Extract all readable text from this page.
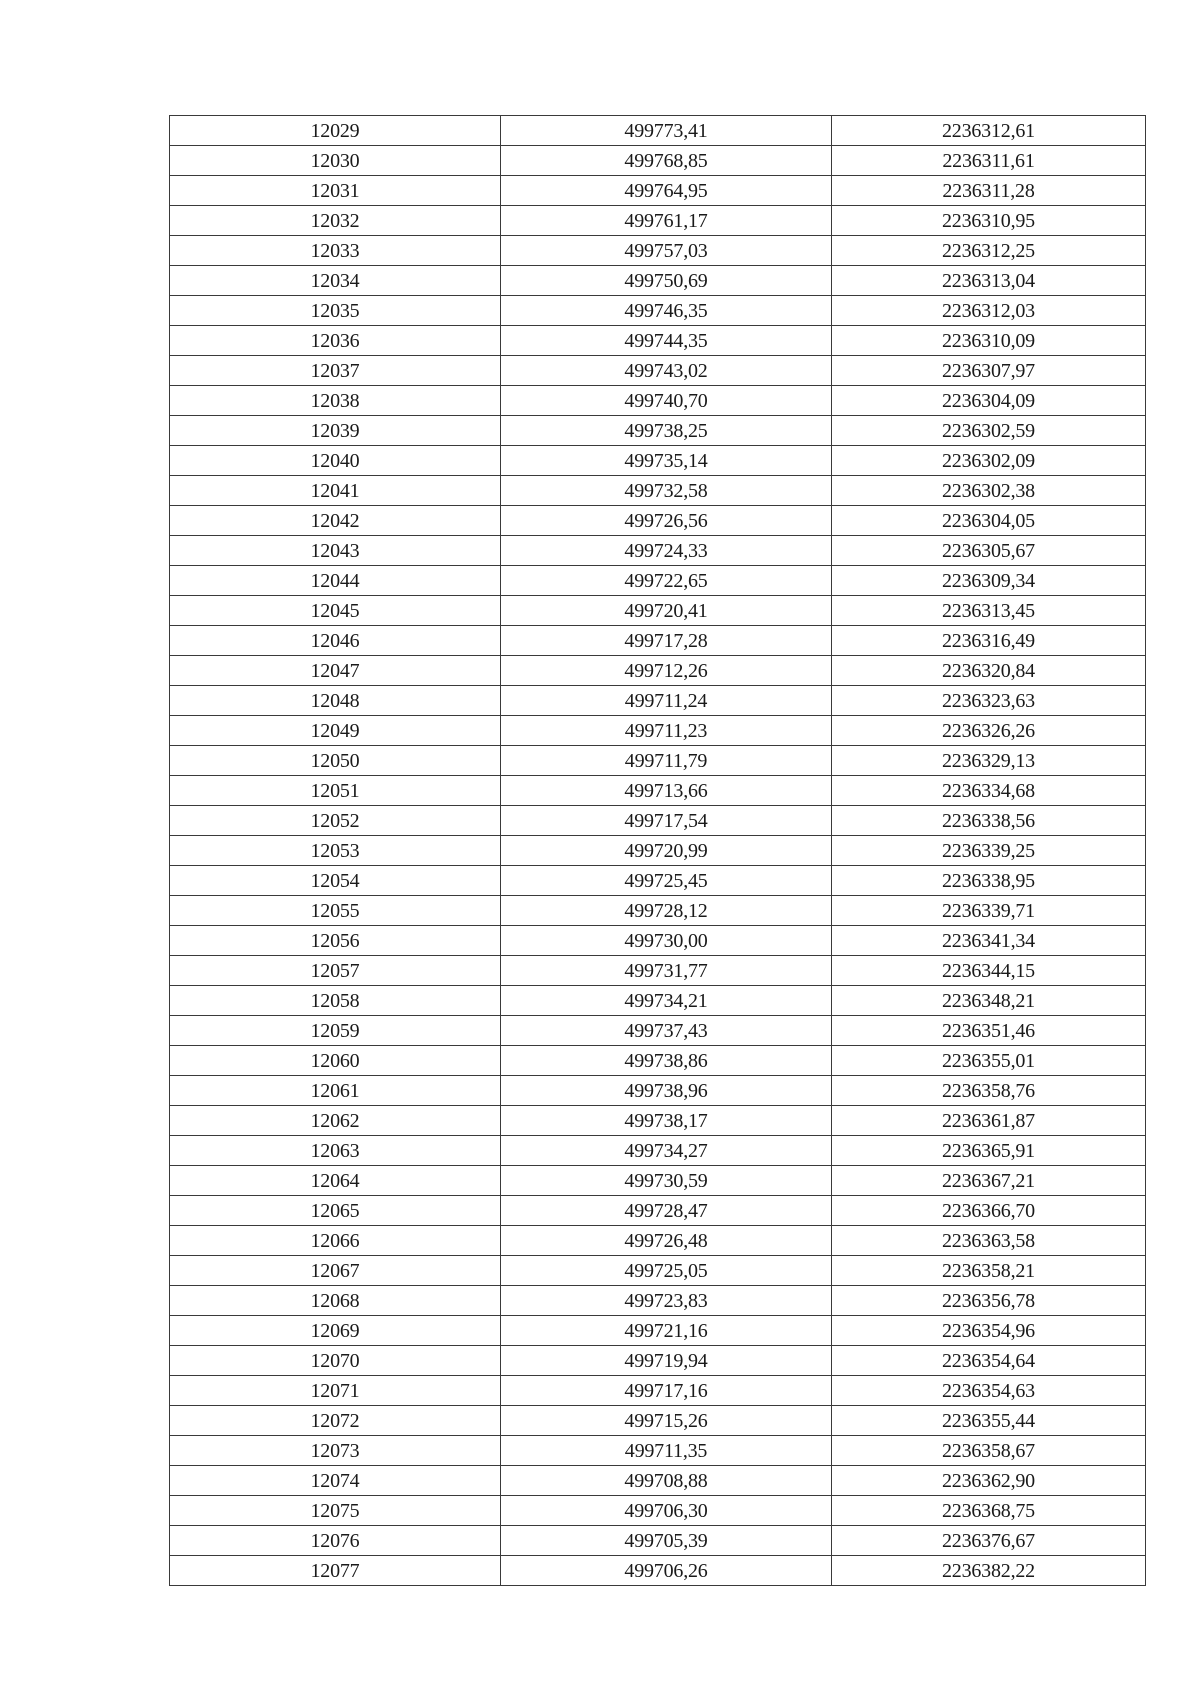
12029	499773,41	2236312,61
12030	499768,85	2236311,61
12031	499764,95	2236311,28
12032	499761,17	2236310,95
12033	499757,03	2236312,25
12034	499750,69	2236313,04
12035	499746,35	2236312,03
12036	499744,35	2236310,09
12037	499743,02	2236307,97
12038	499740,70	2236304,09
12039	499738,25	2236302,59
12040	499735,14	2236302,09
12041	499732,58	2236302,38
12042	499726,56	2236304,05
12043	499724,33	2236305,67
12044	499722,65	2236309,34
12045	499720,41	2236313,45
12046	499717,28	2236316,49
12047	499712,26	2236320,84
12048	499711,24	2236323,63
12049	499711,23	2236326,26
12050	499711,79	2236329,13
12051	499713,66	2236334,68
12052	499717,54	2236338,56
12053	499720,99	2236339,25
12054	499725,45	2236338,95
12055	499728,12	2236339,71
12056	499730,00	2236341,34
12057	499731,77	2236344,15
12058	499734,21	2236348,21
12059	499737,43	2236351,46
12060	499738,86	2236355,01
12061	499738,96	2236358,76
12062	499738,17	2236361,87
12063	499734,27	2236365,91
12064	499730,59	2236367,21
12065	499728,47	2236366,70
12066	499726,48	2236363,58
12067	499725,05	2236358,21
12068	499723,83	2236356,78
12069	499721,16	2236354,96
12070	499719,94	2236354,64
12071	499717,16	2236354,63
12072	499715,26	2236355,44
12073	499711,35	2236358,67
12074	499708,88	2236362,90
12075	499706,30	2236368,75
12076	499705,39	2236376,67
12077	499706,26	2236382,22
